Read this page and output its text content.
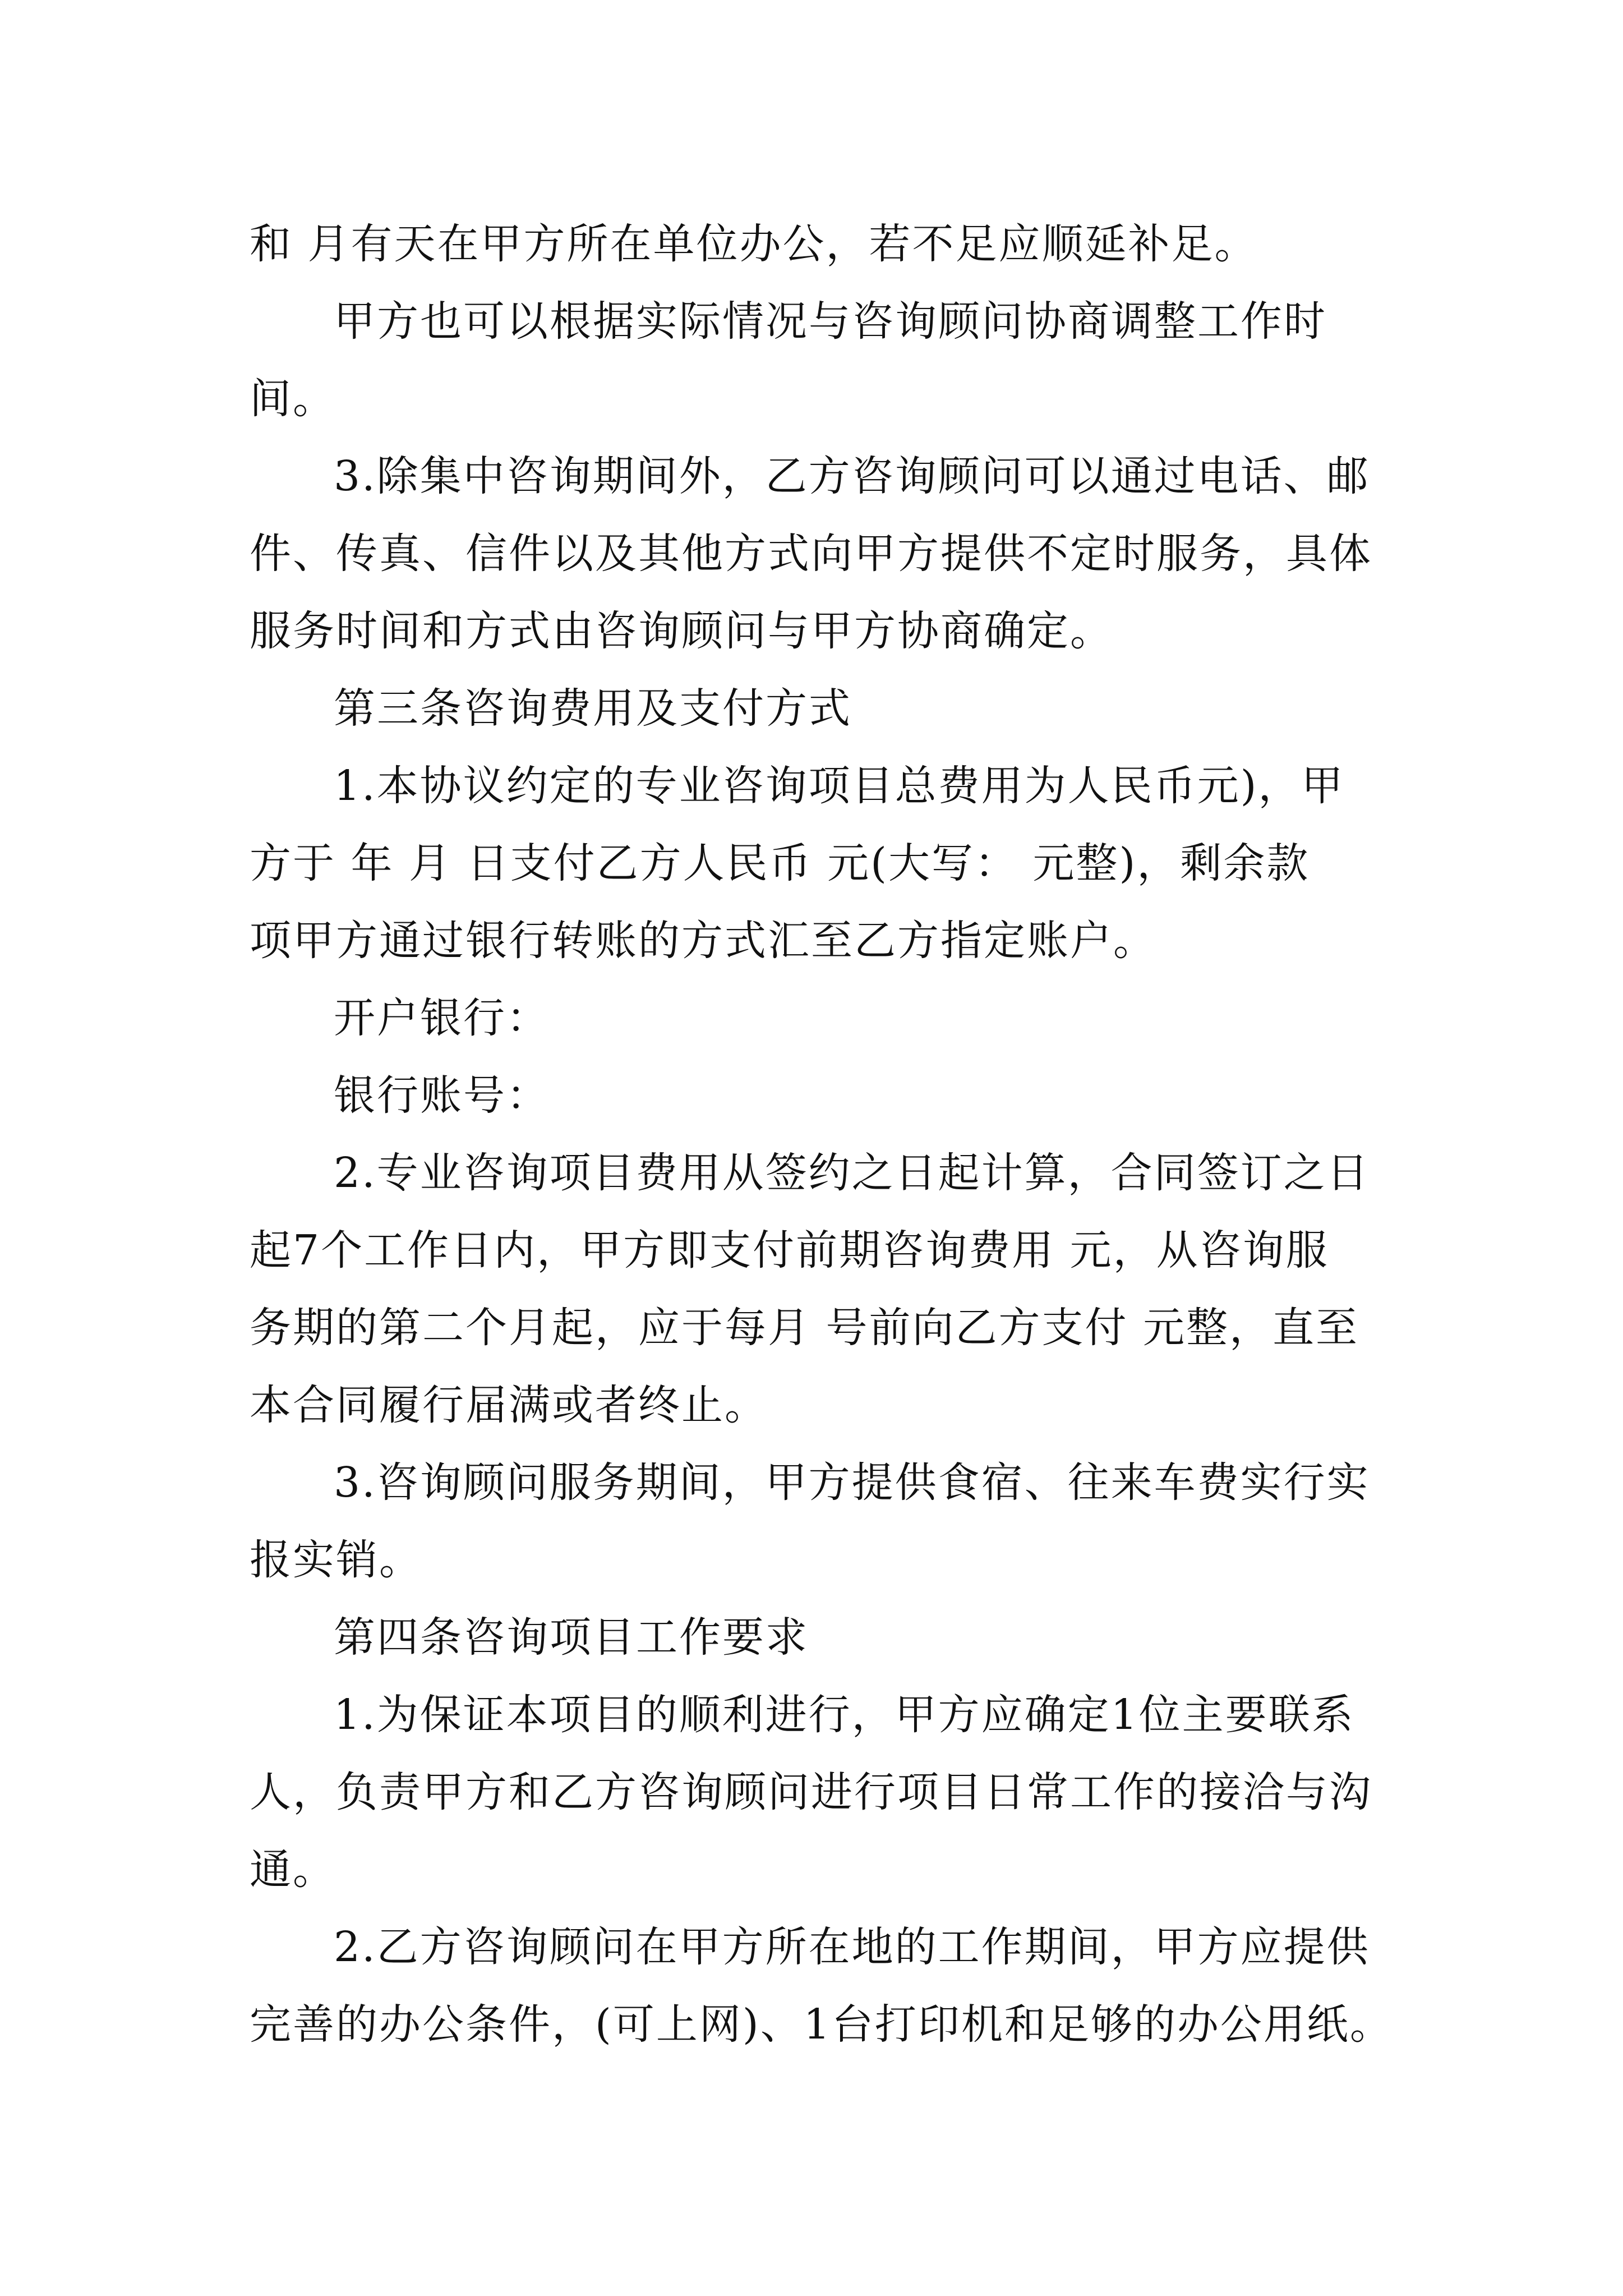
和 月有天在甲方所在单位办公，若不足应顺延补足。

甲方也可以根据实际情况与咨询顾问协商调整工作时

间。

3.除集中咨询期间外，乙方咨询顾问可以通过电话、邮

件、传真、信件以及其他方式向甲方提供不定时服务，具体

服务时间和方式由咨询顾问与甲方协商确定。

第三条咨询费用及支付方式

1.本协议约定的专业咨询项目总费用为人民币元)，甲

方于 年 月 日支付乙方人民币 元(大写： 元整)，剩余款

项甲方通过银行转账的方式汇至乙方指定账户。

开户银行：

银行账号：

2.专业咨询项目费用从签约之日起计算，合同签订之日

起7个工作日内，甲方即支付前期咨询费用 元，从咨询服

务期的第二个月起，应于每月 号前向乙方支付 元整，直至

本合同履行届满或者终止。

3.咨询顾问服务期间，甲方提供食宿、往来车费实行实

报实销。

第四条咨询项目工作要求

1.为保证本项目的顺利进行，甲方应确定1位主要联系

人，负责甲方和乙方咨询顾问进行项目日常工作的接洽与沟

通。

2.乙方咨询顾问在甲方所在地的工作期间，甲方应提供

完善的办公条件，(可上网)、1台打印机和足够的办公用纸。
